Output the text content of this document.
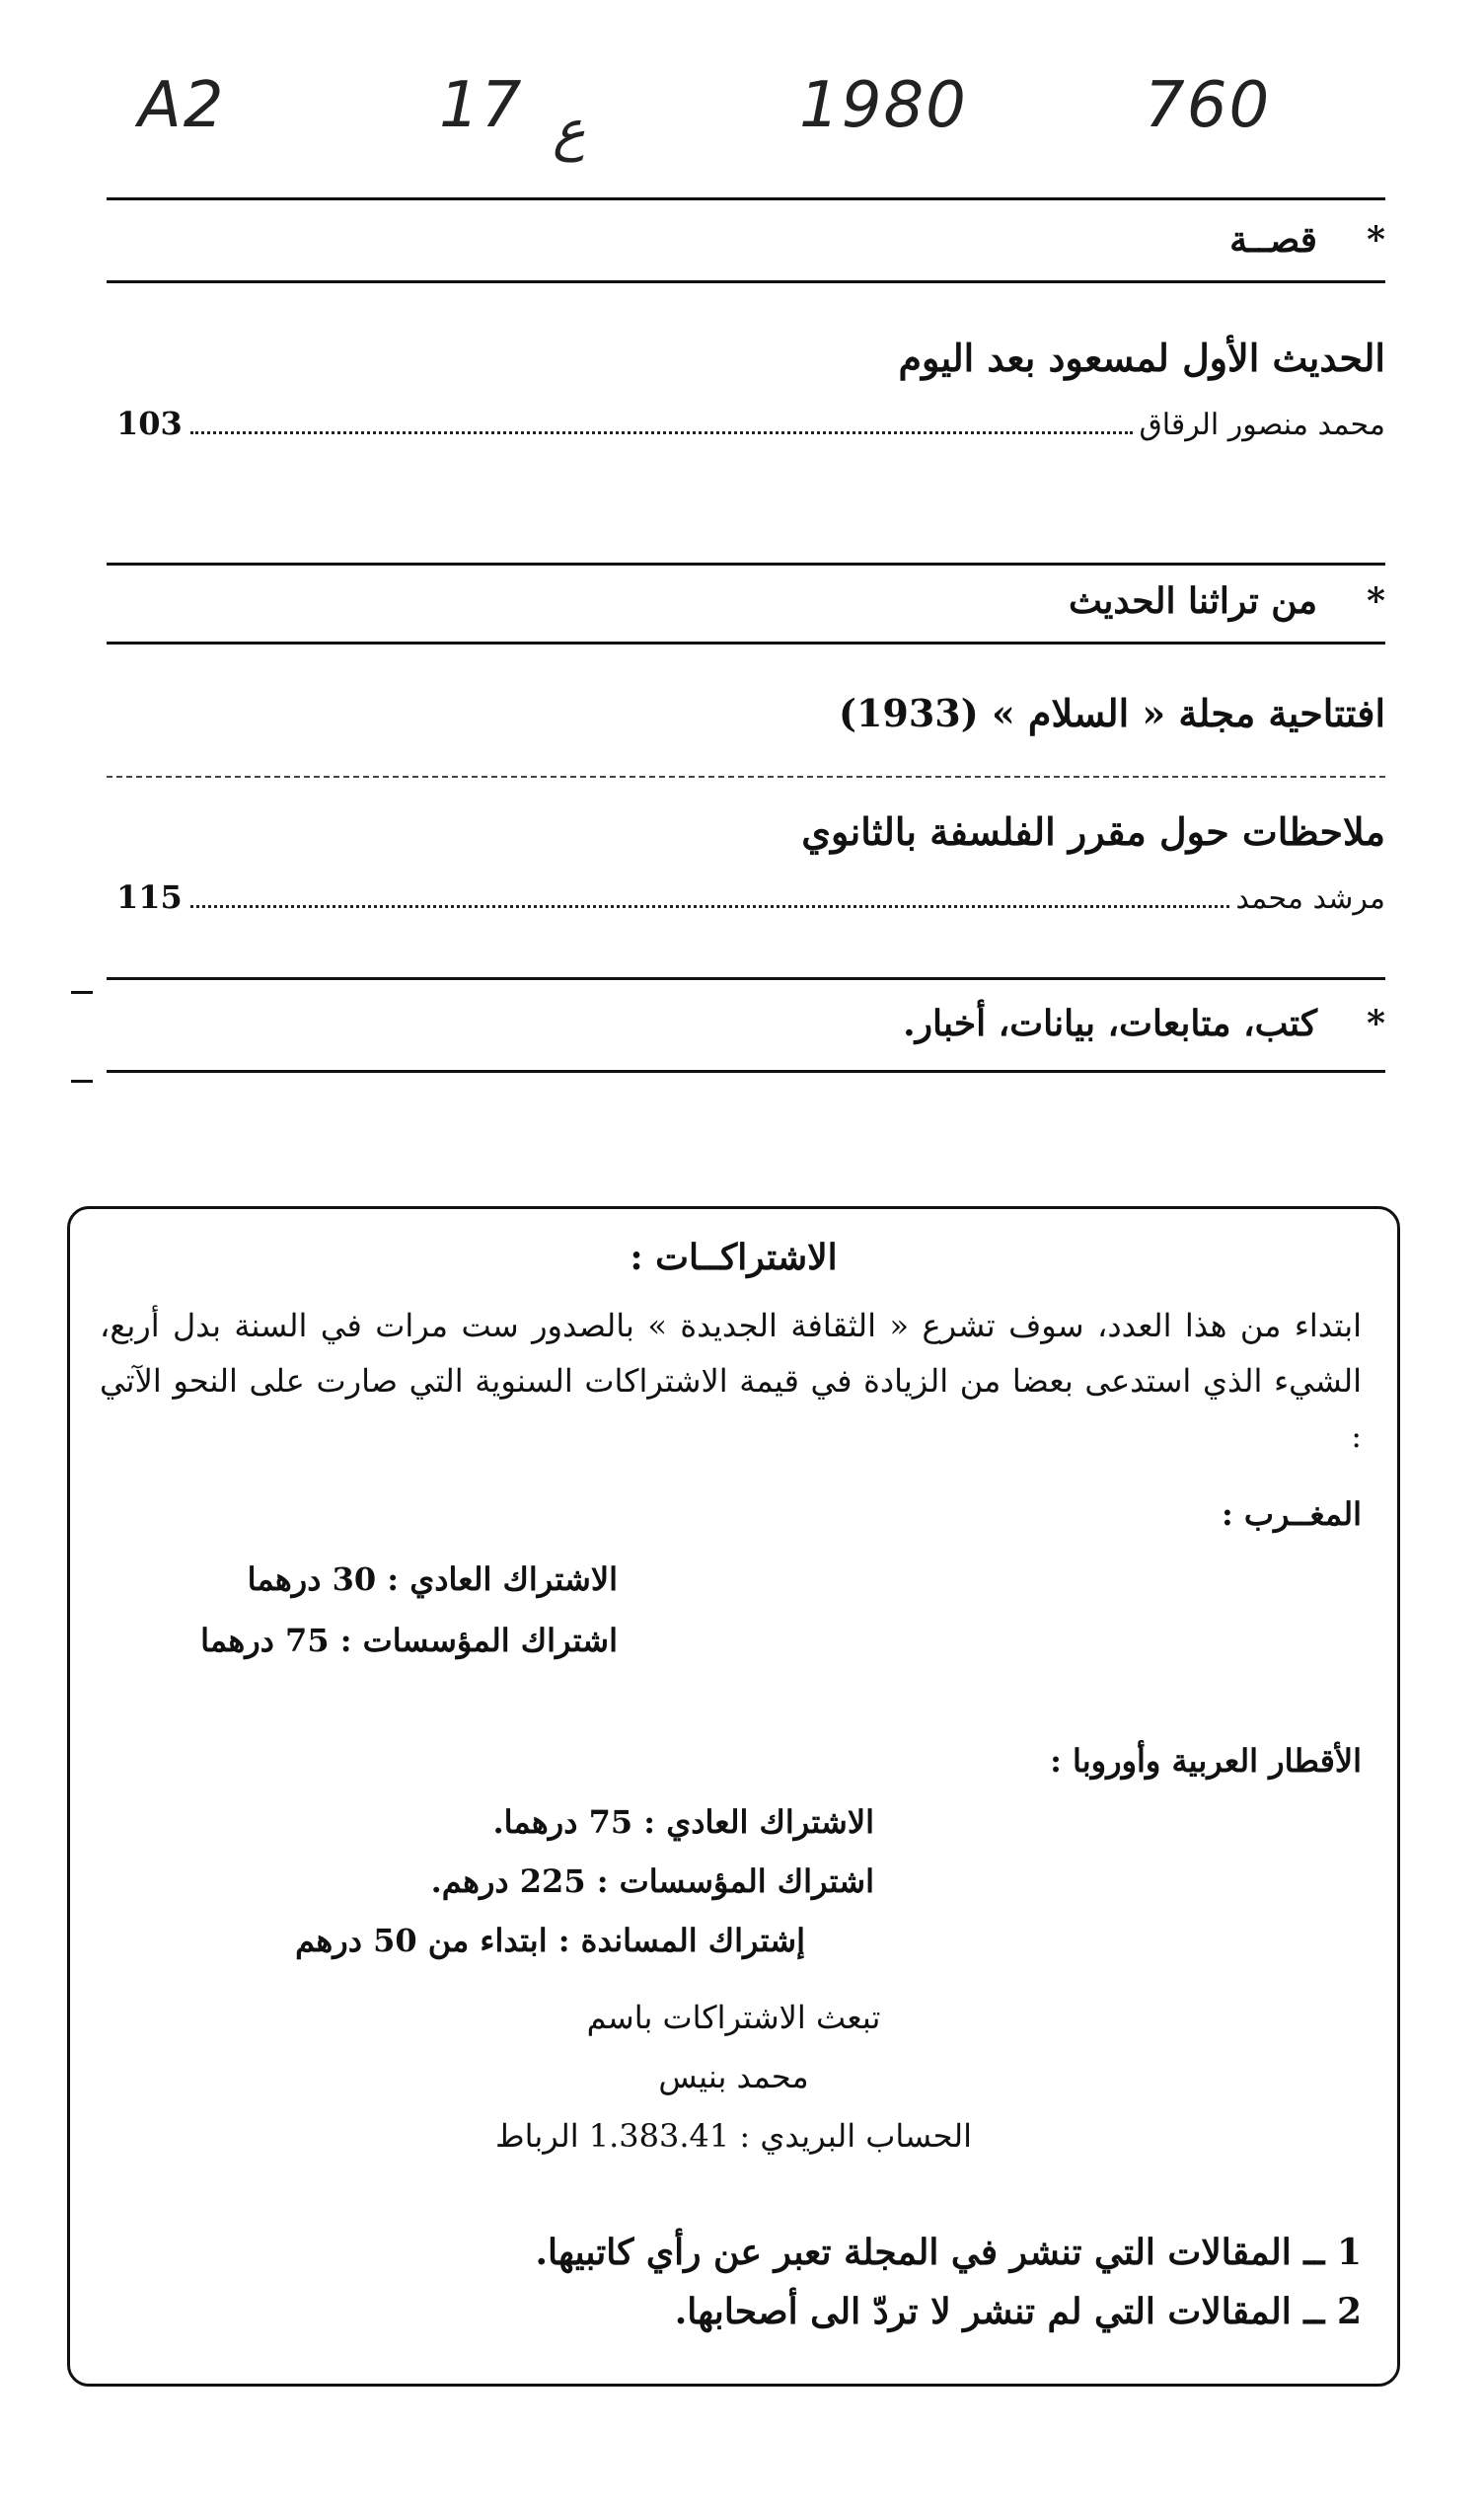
A2	17 ع	1980	760
*    قصــة
الحديث الأول لمسعود بعد اليوم
محمد منصور الرقاق
103
*    من تراثنا الحديث
افتتاحية مجلة « السلام » (1933)
ملاحظات حول مقرر الفلسفة بالثانوي
مرشد محمد
115
*    كتب، متابعات، بيانات، أخبار.
الاشتراكــات :
ابتداء من هذا العدد، سوف تشرع « الثقافة الجديدة » بالصدور ست مرات في السنة بدل أربع، الشيء الذي استدعى بعضا من الزيادة في قيمة الاشتراكات السنوية التي صارت على النحو الآتي :
المغــرب :
الاشتراك العادي : 30 درهما
اشتراك المؤسسات : 75 درهما
الأقطار العربية وأوروبا :
الاشتراك العادي : 75 درهما.
اشتراك المؤسسات : 225 درهم.
إشتراك المساندة : ابتداء من 50 درهم
تبعث الاشتراكات باسم
محمد بنيس
الحساب البريدي : 1.383.41 الرباط
1 ــ المقالات التي تنشر في المجلة تعبر عن رأي كاتبيها.
2 ــ المقالات التي لم تنشر لا تردّ الى أصحابها.
